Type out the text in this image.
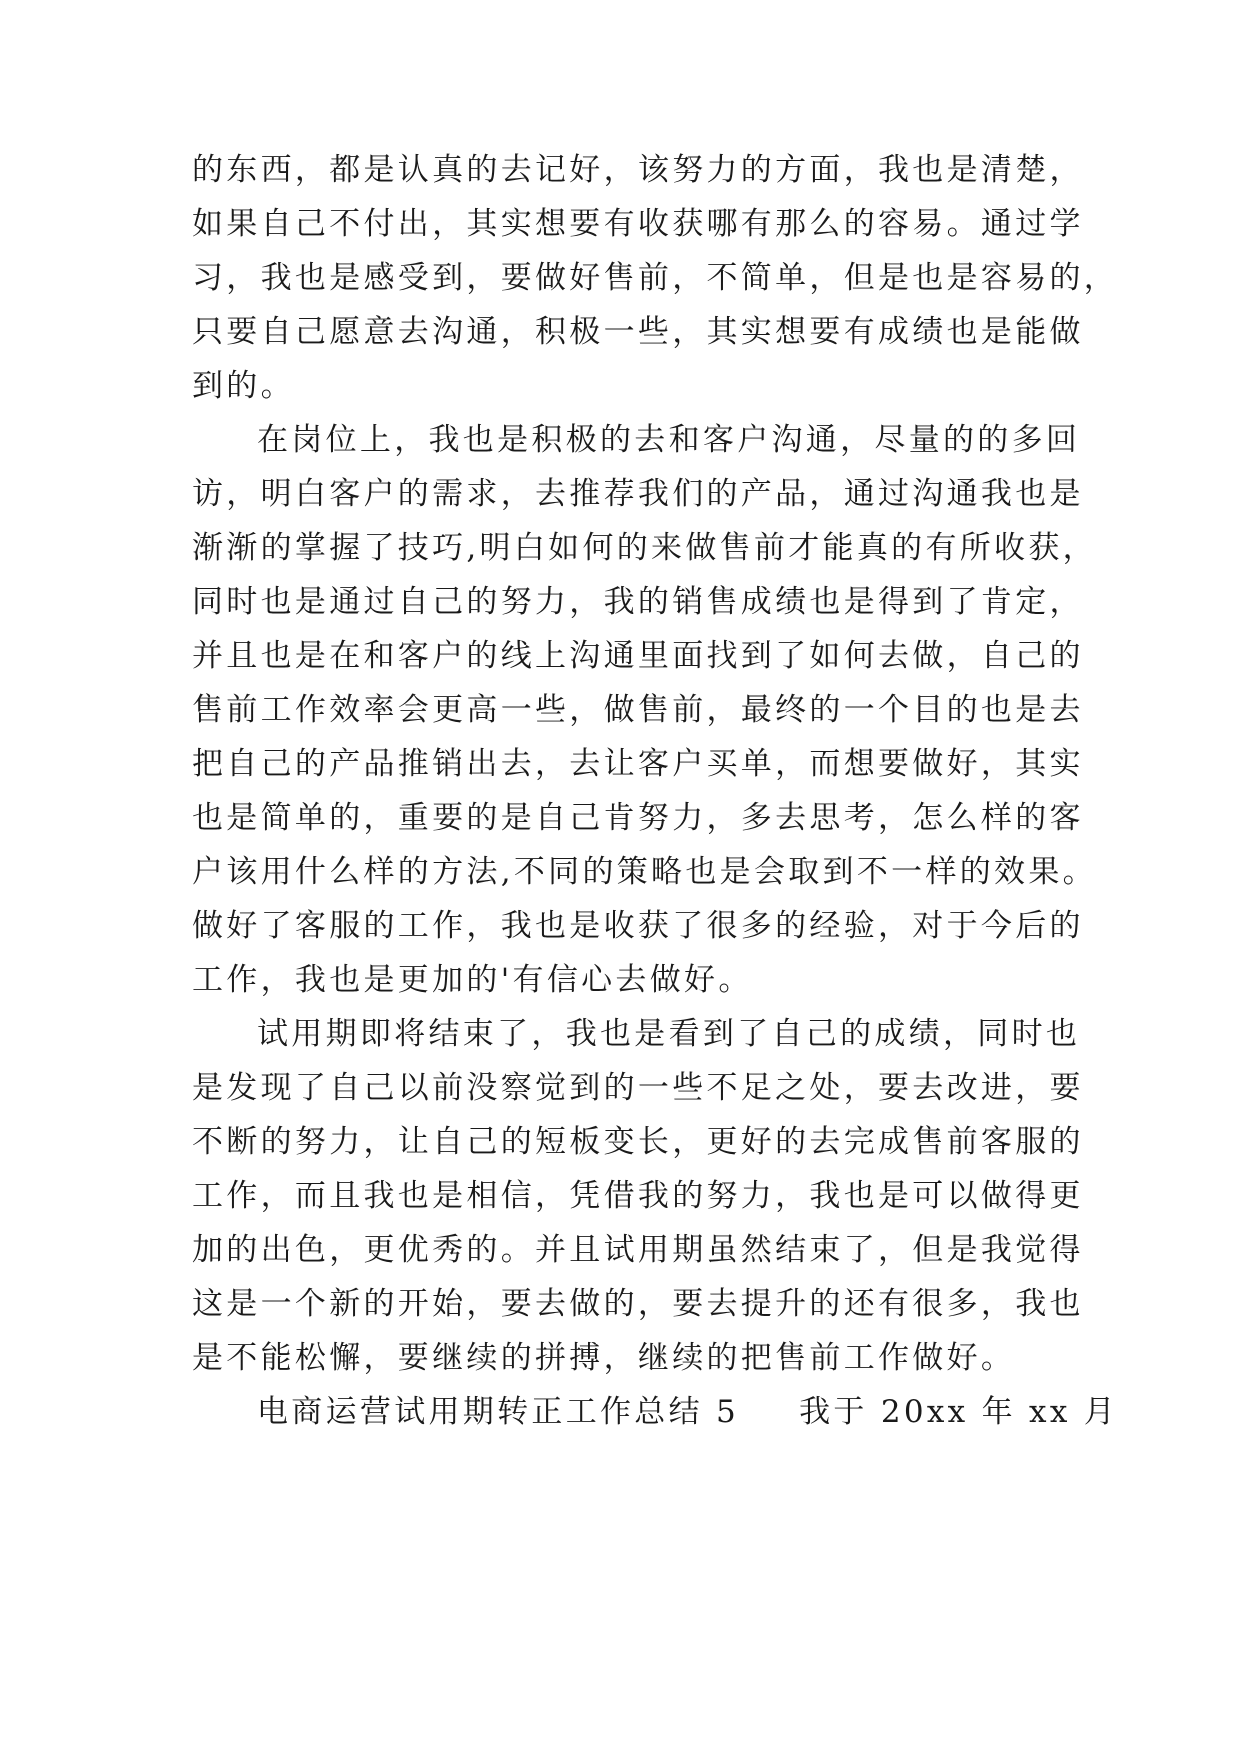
的东西，都是认真的去记好，该努力的方面，我也是清楚，
如果自己不付出，其实想要有收获哪有那么的容易。通过学
习，我也是感受到，要做好售前，不简单，但是也是容易的，
只要自己愿意去沟通，积极一些，其实想要有成绩也是能做
到的。
在岗位上，我也是积极的去和客户沟通，尽量的的多回
访，明白客户的需求，去推荐我们的产品，通过沟通我也是
渐渐的掌握了技巧,明白如何的来做售前才能真的有所收获，
同时也是通过自己的努力，我的销售成绩也是得到了肯定，
并且也是在和客户的线上沟通里面找到了如何去做，自己的
售前工作效率会更高一些，做售前，最终的一个目的也是去
把自己的产品推销出去，去让客户买单，而想要做好，其实
也是简单的，重要的是自己肯努力，多去思考，怎么样的客
户该用什么样的方法,不同的策略也是会取到不一样的效果。
做好了客服的工作，我也是收获了很多的经验，对于今后的
工作，我也是更加的'有信心去做好。
试用期即将结束了，我也是看到了自己的成绩，同时也
是发现了自己以前没察觉到的一些不足之处，要去改进，要
不断的努力，让自己的短板变长，更好的去完成售前客服的
工作，而且我也是相信，凭借我的努力，我也是可以做得更
加的出色，更优秀的。并且试用期虽然结束了，但是我觉得
这是一个新的开始，要去做的，要去提升的还有很多，我也
是不能松懈，要继续的拼搏，继续的把售前工作做好。
电商运营试用期转正工作总结 5 我于 20xx 年 xx 月
